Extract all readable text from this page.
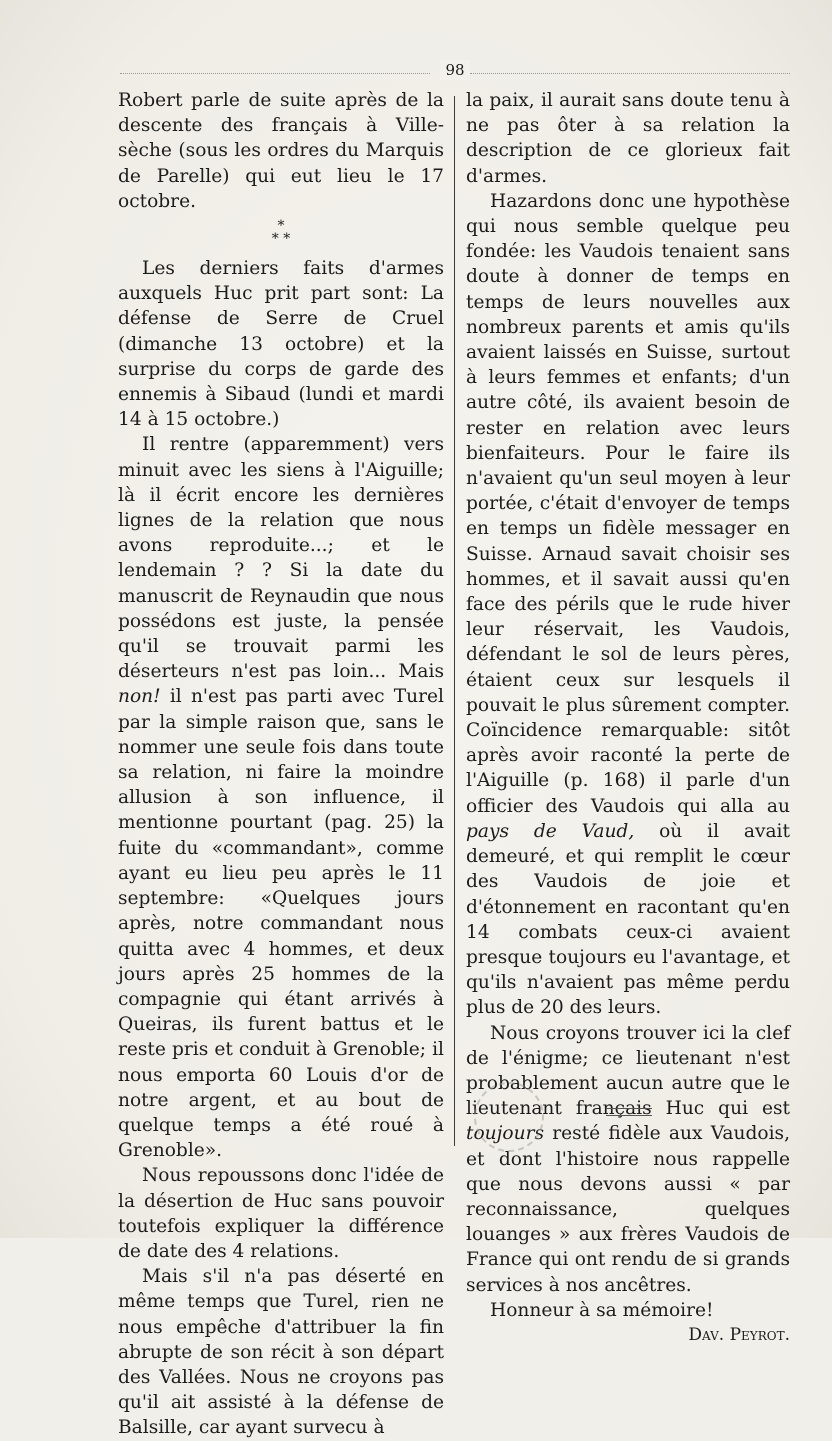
98

Robert parle de suite après de la descente des français à Ville-sèche (sous les ordres du Marquis de Parelle) qui eut lieu le 17 octobre.

*
* *

Les derniers faits d'armes auxquels Huc prit part sont: La défense de Serre de Cruel (dimanche 13 octobre) et la surprise du corps de garde des ennemis à Sibaud (lundi et mardi 14 à 15 octobre.)

Il rentre (apparemment) vers minuit avec les siens à l'Aiguille; là il écrit encore les dernières lignes de la relation que nous avons reproduite...; et le lendemain ? ? Si la date du manuscrit de Reynaudin que nous possédons est juste, la pensée qu'il se trouvait parmi les déserteurs n'est pas loin... Mais non! il n'est pas parti avec Turel par la simple raison que, sans le nommer une seule fois dans toute sa relation, ni faire la moindre allusion à son influence, il mentionne pourtant (pag. 25) la fuite du «commandant», comme ayant eu lieu peu après le 11 septembre: «Quelques jours après, notre commandant nous quitta avec 4 hommes, et deux jours après 25 hommes de la compagnie qui étant arrivés à Queiras, ils furent battus et le reste pris et conduit à Grenoble; il nous emporta 60 Louis d'or de notre argent, et au bout de quelque temps a été roué à Grenoble».

Nous repoussons donc l'idée de la désertion de Huc sans pouvoir toutefois expliquer la différence de date des 4 relations.

Mais s'il n'a pas déserté en même temps que Turel, rien ne nous empêche d'attribuer la fin abrupte de son récit à son départ des Vallées. Nous ne croyons pas qu'il ait assisté à la défense de Balsille, car ayant survecu à

la paix, il aurait sans doute tenu à ne pas ôter à sa relation la description de ce glorieux fait d'armes.

Hazardons donc une hypothèse qui nous semble quelque peu fondée: les Vaudois tenaient sans doute à donner de temps en temps de leurs nouvelles aux nombreux parents et amis qu'ils avaient laissés en Suisse, surtout à leurs femmes et enfants; d'un autre côté, ils avaient besoin de rester en relation avec leurs bienfaiteurs. Pour le faire ils n'avaient qu'un seul moyen à leur portée, c'était d'envoyer de temps en temps un fidèle messager en Suisse. Arnaud savait choisir ses hommes, et il savait aussi qu'en face des périls que le rude hiver leur réservait, les Vaudois, défendant le sol de leurs pères, étaient ceux sur lesquels il pouvait le plus sûrement compter. Coïncidence remarquable: sitôt après avoir raconté la perte de l'Aiguille (p. 168) il parle d'un officier des Vaudois qui alla au pays de Vaud, où il avait demeuré, et qui remplit le cœur des Vaudois de joie et d'étonnement en racontant qu'en 14 combats ceux-ci avaient presque toujours eu l'avantage, et qu'ils n'avaient pas même perdu plus de 20 des leurs.

Nous croyons trouver ici la clef de l'énigme; ce lieutenant n'est probablement aucun autre que le lieutenant français Huc qui est toujours resté fidèle aux Vaudois, et dont l'histoire nous rappelle que nous devons aussi « par reconnaissance, quelques louanges » aux frères Vaudois de France qui ont rendu de si grands services à nos ancêtres.

Honneur à sa mémoire!

Dav. Peyrot.
